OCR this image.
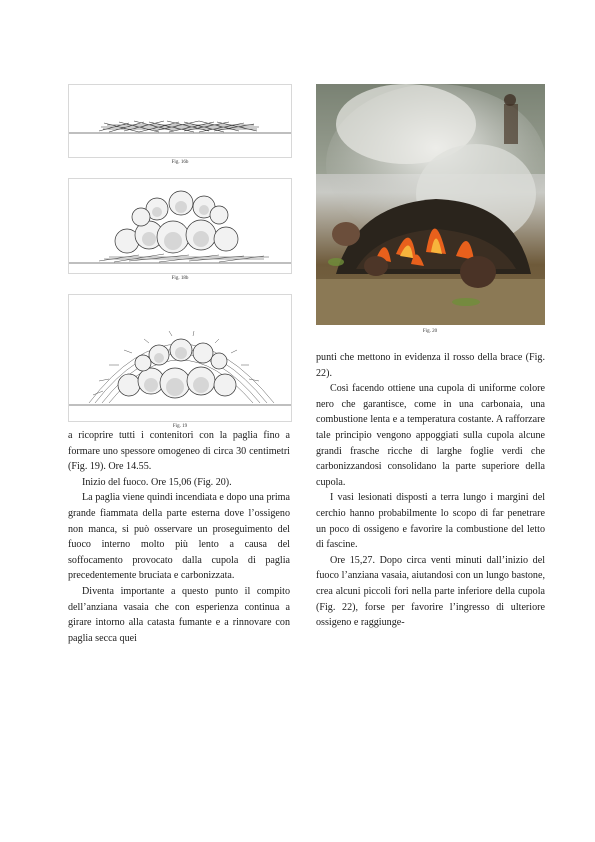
Fig. 16b
Fig. 18b
Fig. 19
Fig. 20

a ricoprire tutti i contenitori con la paglia fino a formare uno spessore omogeneo di circa 30 centimetri (Fig. 19). Ore 14.55.

Inizio del fuoco. Ore 15,06 (Fig. 20).

La paglia viene quindi incendiata e dopo una prima grande fiammata della parte esterna dove l’ossigeno non manca, si può osservare un proseguimento del fuoco interno molto più lento a causa del soffocamento provocato dalla cupola di paglia precedentemente bruciata e carbonizzata.

Diventa importante a questo punto il compito dell’anziana vasaia che con esperienza continua a girare intorno alla catasta fumante e a rinnovare con paglia secca quei

punti che mettono in evidenza il rosso della brace (Fig. 22).

Così facendo ottiene una cupola di uniforme colore nero che garantisce, come in una carbonaia, una combustione lenta e a temperatura costante. A rafforzare tale principio vengono appoggiati sulla cupola alcune grandi frasche ricche di larghe foglie verdi che carbonizzandosi consolidano la parte superiore della cupola.

I vasi lesionati disposti a terra lungo i margini del cerchio hanno probabilmente lo scopo di far penetrare un poco di ossigeno e favorire la combustione del letto di fascine.

Ore 15,27. Dopo circa venti minuti dall’inizio del fuoco l’anziana vasaia, aiutandosi con un lungo bastone, crea alcuni piccoli fori nella parte inferiore della cupola (Fig. 22), forse per favorire l’ingresso di ulteriore ossigeno e raggiunge-
